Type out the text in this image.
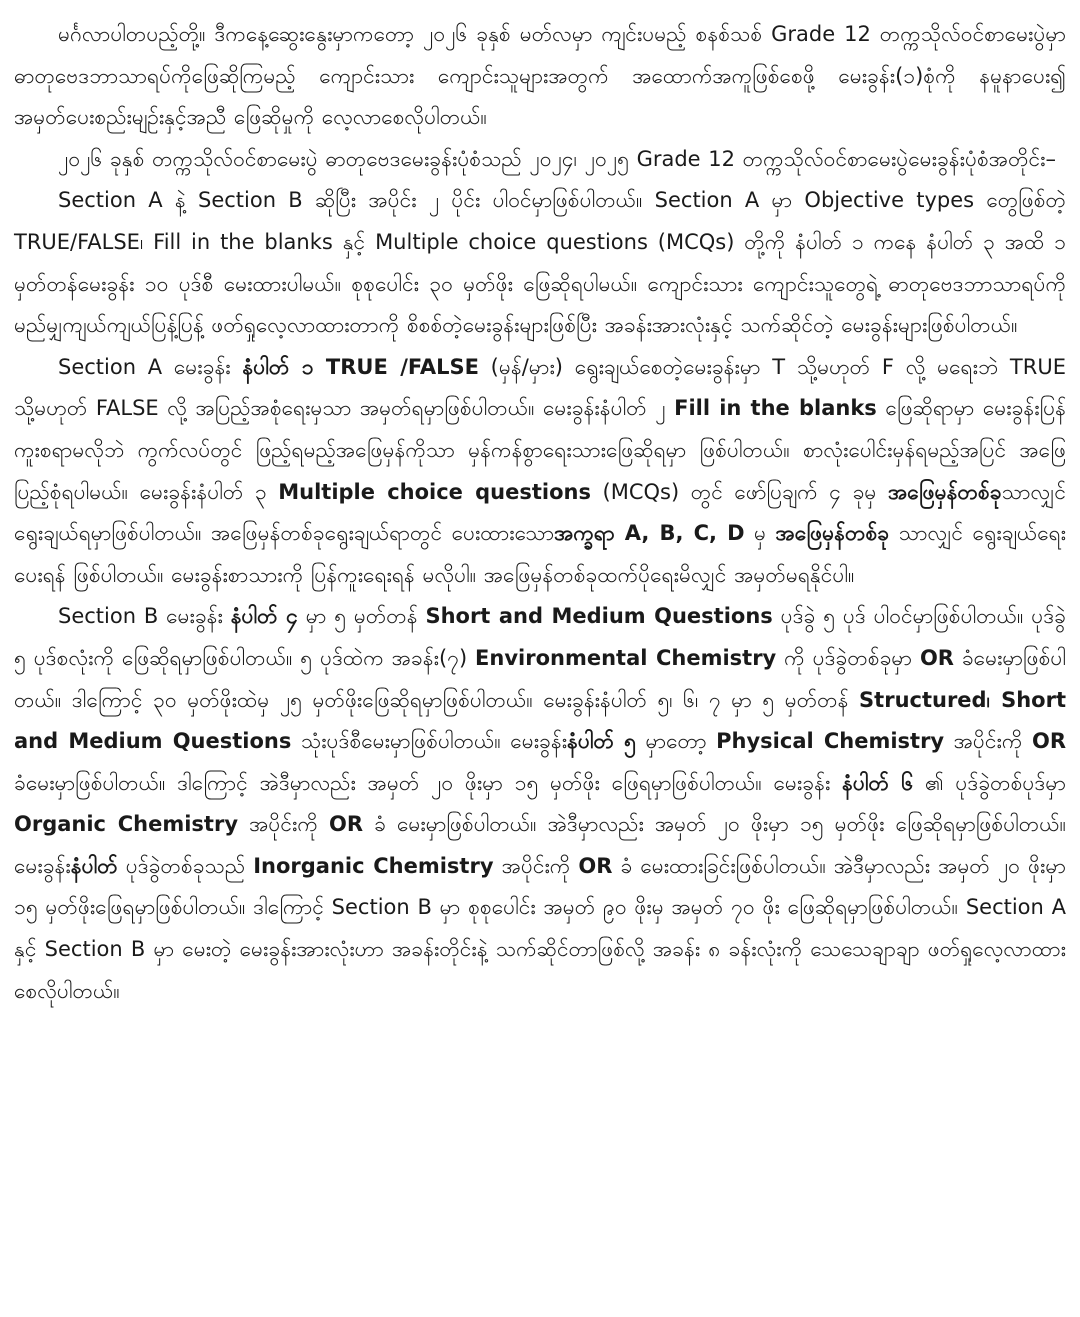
မင်္ဂလာပါတပည့်တို့။ ဒီကနေ့ဆွေးနွေးမှာကတော့ ၂၀၂၆ ခုနှစ် မတ်လမှာ ကျင်းပမည့် စနစ်သစ် Grade 12 တက္ကသိုလ်ဝင်စာမေးပွဲမှာ ဓာတုဗေဒဘာသာရပ်ကိုဖြေဆိုကြမည့် ကျောင်းသား ကျောင်းသူများအတွက် အထောက်အကူဖြစ်စေဖို့ မေးခွန်း(၁)စုံကို နမူနာပေး၍ အမှတ်ပေးစည်းမျဉ်းနှင့်အညီ ဖြေဆိုမှုကို လေ့လာစေလိုပါတယ်။

၂၀၂၆ ခုနှစ် တက္ကသိုလ်ဝင်စာမေးပွဲ ဓာတုဗေဒမေးခွန်းပုံစံသည် ၂၀၂၄၊ ၂၀၂၅ Grade 12 တက္ကသိုလ်ဝင်စာမေးပွဲမေးခွန်းပုံစံအတိုင်း–

Section A နဲ့ Section B ဆိုပြီး အပိုင်း ၂ ပိုင်း ပါဝင်မှာဖြစ်ပါတယ်။ Section A မှာ Objective types တွေဖြစ်တဲ့ TRUE/FALSE၊ Fill in the blanks နှင့် Multiple choice questions (MCQs) တို့ကို နံပါတ် ၁ ကနေ နံပါတ် ၃ အထိ ၁ မှတ်တန်မေးခွန်း ၁၀ ပုဒ်စီ မေးထားပါမယ်။ စုစုပေါင်း ၃၀ မှတ်ဖိုး ဖြေဆိုရပါမယ်။ ကျောင်းသား ကျောင်းသူတွေရဲ့ ဓာတုဗေဒဘာသာရပ်ကို မည်မျှကျယ်ကျယ်ပြန့်ပြန့် ဖတ်ရှုလေ့လာထားတာကို စိစစ်တဲ့မေးခွန်းများဖြစ်ပြီး အခန်းအားလုံးနှင့် သက်ဆိုင်တဲ့ မေးခွန်းများဖြစ်ပါတယ်။

Section A မေးခွန်း နံပါတ် ၁ TRUE /FALSE (မှန်/မှား) ရွေးချယ်စေတဲ့မေးခွန်းမှာ T သို့မဟုတ် F လို့ မရေးဘဲ TRUE သို့မဟုတ် FALSE လို့ အပြည့်အစုံရေးမှသာ အမှတ်ရမှာဖြစ်ပါတယ်။ မေးခွန်းနံပါတ် ၂ Fill in the blanks ဖြေဆိုရာမှာ မေးခွန်းပြန်ကူးစရာမလိုဘဲ ကွက်လပ်တွင် ဖြည့်ရမည့်အဖြေမှန်ကိုသာ မှန်ကန်စွာရေးသားဖြေဆိုရမှာ ဖြစ်ပါတယ်။ စာလုံးပေါင်းမှန်ရမည့်အပြင် အဖြေပြည့်စုံရပါမယ်။ မေးခွန်းနံပါတ် ၃ Multiple choice questions (MCQs) တွင် ဖော်ပြချက် ၄ ခုမှ အဖြေမှန်တစ်ခုသာလျှင် ရွေးချယ်ရမှာဖြစ်ပါတယ်။ အဖြေမှန်တစ်ခုရွေးချယ်ရာတွင် ပေးထားသောအက္ခရာ A, B, C, D မှ အဖြေမှန်တစ်ခု သာလျှင် ရွေးချယ်ရေးပေးရန် ဖြစ်ပါတယ်။ မေးခွန်းစာသားကို ပြန်ကူးရေးရန် မလိုပါ။ အဖြေမှန်တစ်ခုထက်ပိုရေးမိလျှင် အမှတ်မရနိုင်ပါ။

Section B မေးခွန်း နံပါတ် ၄ မှာ ၅ မှတ်တန် Short and Medium Questions ပုဒ်ခွဲ ၅ ပုဒ် ပါဝင်မှာဖြစ်ပါတယ်။ ပုဒ်ခွဲ ၅ ပုဒ်စလုံးကို ဖြေဆိုရမှာဖြစ်ပါတယ်။ ၅ ပုဒ်ထဲက အခန်း(၇) Environmental Chemistry ကို ပုဒ်ခွဲတစ်ခုမှာ OR ခံမေးမှာဖြစ်ပါတယ်။ ဒါကြောင့် ၃၀ မှတ်ဖိုးထဲမှ ၂၅ မှတ်ဖိုးဖြေဆိုရမှာဖြစ်ပါတယ်။ မေးခွန်းနံပါတ် ၅၊ ၆၊ ၇ မှာ ၅ မှတ်တန် Structured၊ Short and Medium Questions သုံးပုဒ်စီမေးမှာဖြစ်ပါတယ်။ မေးခွန်းနံပါတ် ၅ မှာတော့ Physical Chemistry အပိုင်းကို OR ခံမေးမှာဖြစ်ပါတယ်။ ဒါကြောင့် အဲဒီမှာလည်း အမှတ် ၂၀ ဖိုးမှာ ၁၅ မှတ်ဖိုး ဖြေရမှာဖြစ်ပါတယ်။ မေးခွန်း နံပါတ် ၆ ၏ ပုဒ်ခွဲတစ်ပုဒ်မှာ Organic Chemistry အပိုင်းကို OR ခံ မေးမှာဖြစ်ပါတယ်။ အဲဒီမှာလည်း အမှတ် ၂၀ ဖိုးမှာ ၁၅ မှတ်ဖိုး ဖြေဆိုရမှာဖြစ်ပါတယ်။ မေးခွန်းနံပါတ် ပုဒ်ခွဲတစ်ခုသည် Inorganic Chemistry အပိုင်းကို OR ခံ မေးထားခြင်းဖြစ်ပါတယ်။ အဲဒီမှာလည်း အမှတ် ၂၀ ဖိုးမှာ ၁၅ မှတ်ဖိုးဖြေရမှာဖြစ်ပါတယ်။ ဒါကြောင့် Section B မှာ စုစုပေါင်း အမှတ် ၉၀ ဖိုးမှ အမှတ် ၇၀ ဖိုး ဖြေဆိုရမှာဖြစ်ပါတယ်။ Section A နှင့် Section B မှာ မေးတဲ့ မေးခွန်းအားလုံးဟာ အခန်းတိုင်းနဲ့ သက်ဆိုင်တာဖြစ်လို့ အခန်း ၈ ခန်းလုံးကို သေသေချာချာ ဖတ်ရှုလေ့လာထားစေလိုပါတယ်။
